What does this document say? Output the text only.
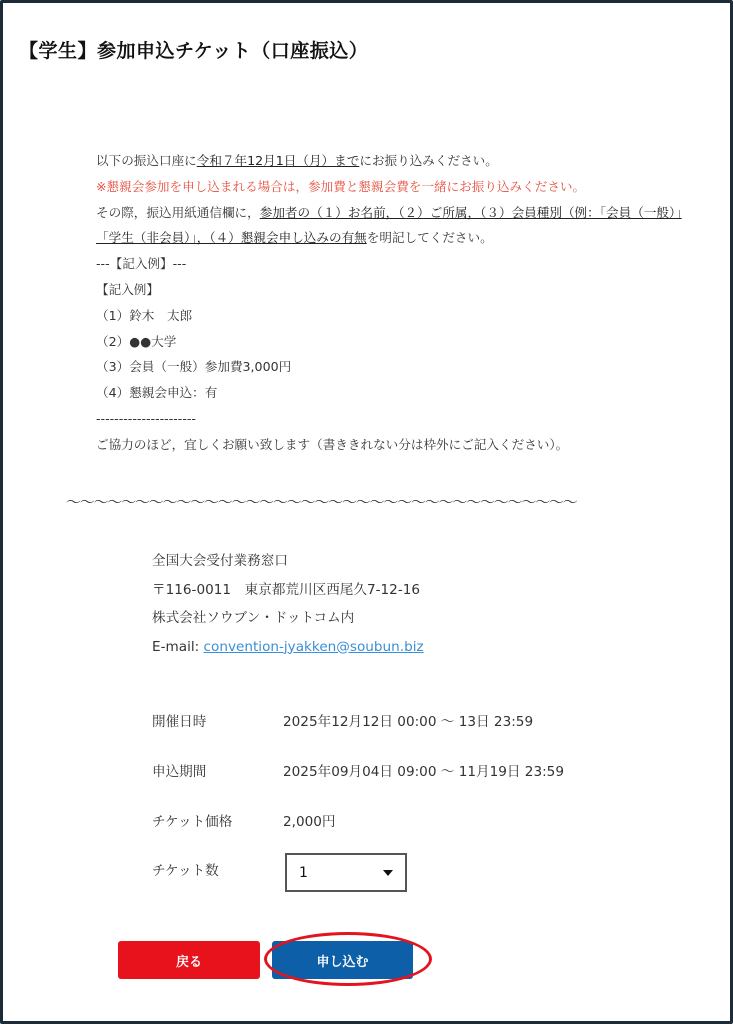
【学生】参加申込チケット（口座振込）
以下の振込口座に令和７年12月1日（月）までにお振り込みください。
※懇親会参加を申し込まれる場合は，参加費と懇親会費を一緒にお振り込みください。
その際，振込用紙通信欄に，参加者の（１）お名前，（２）ご所属，（３）会員種別（例：「会員（一般）」「学生（非会員）」，（４）懇親会申し込みの有無を明記してください。
---【記入例】---
【記入例】
（1）鈴木　太郎
（2）●●大学
（3）会員（一般）参加費3,000円
（4）懇親会申込：有
----------------------
ご協力のほど，宜しくお願い致します（書ききれない分は枠外にご記入ください）。
〜〜〜〜〜〜〜〜〜〜〜〜〜〜〜〜〜〜〜〜〜〜〜〜〜〜〜〜〜〜〜〜〜〜〜〜〜
全国大会受付業務窓口
〒116-0011　東京都荒川区西尾久7-12-16
株式会社ソウブン・ドットコム内
E-mail: convention-jyakken@soubun.biz
開催日時	2025年12月12日 00:00 〜 13日 23:59
申込期間	2025年09月04日 09:00 〜 11月19日 23:59
チケット価格	2,000円
チケット数	1
戻る	申し込む
